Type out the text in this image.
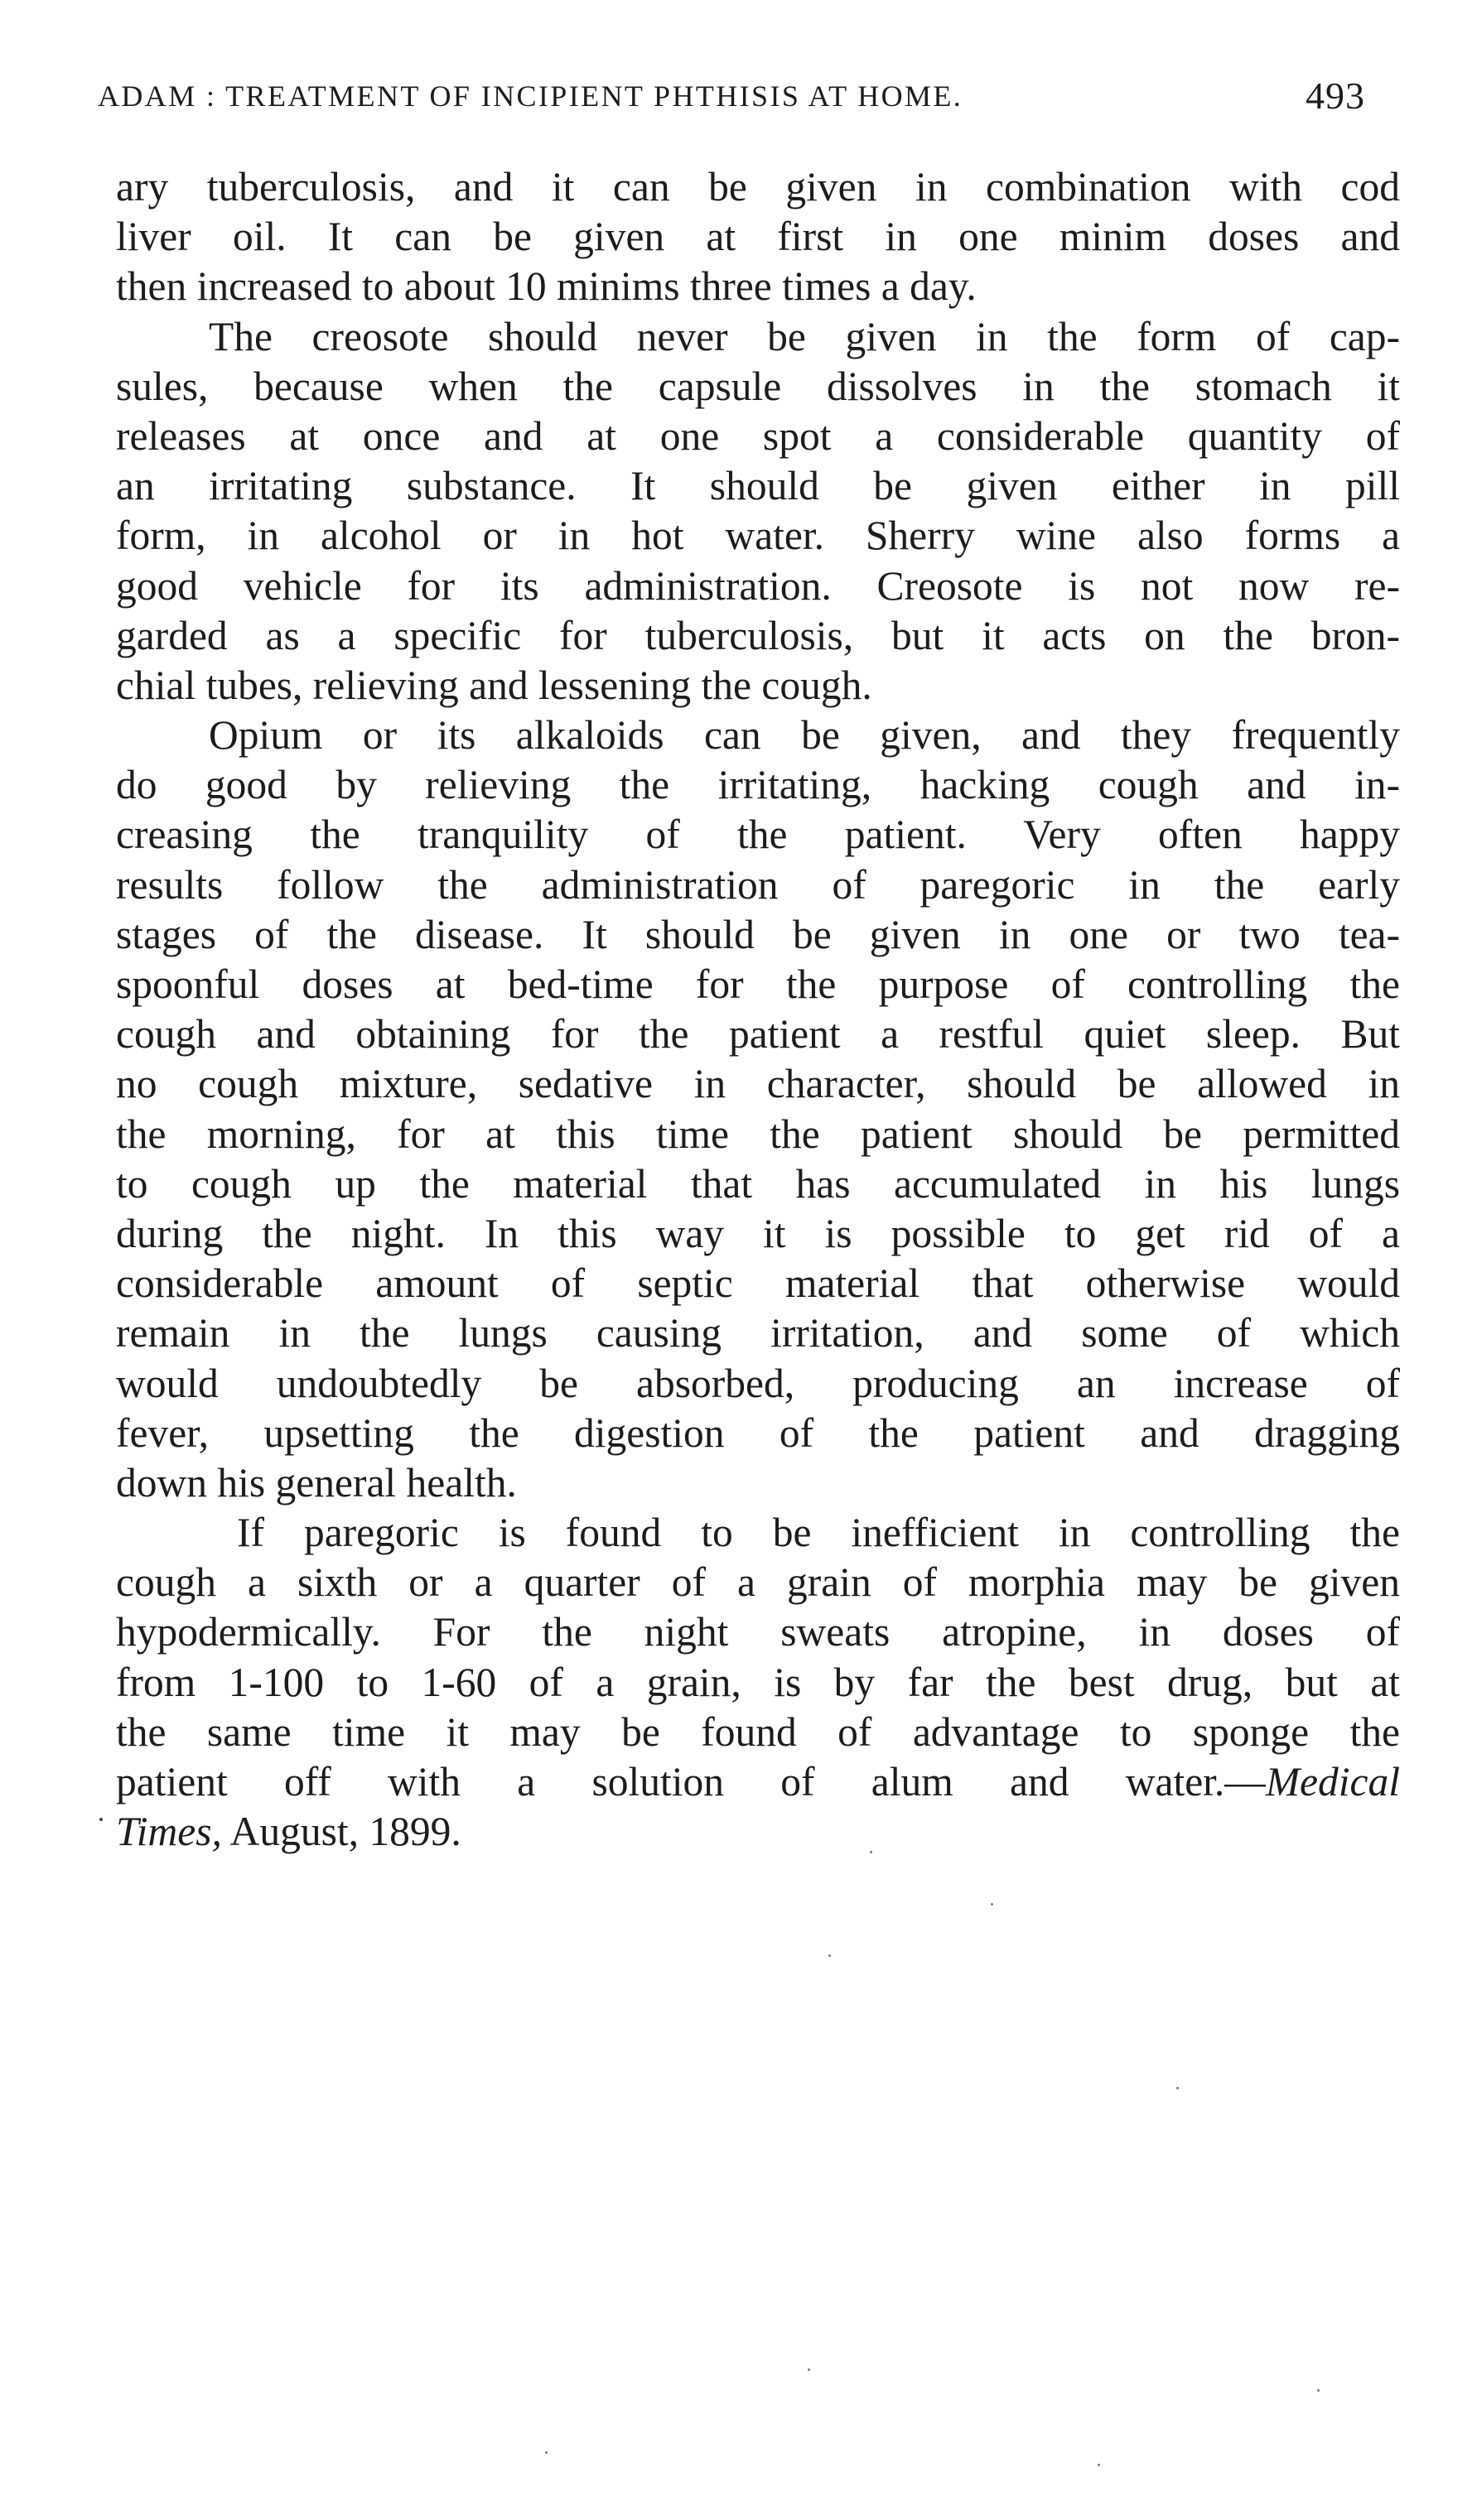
ADAM : TREATMENT OF INCIPIENT PHTHISIS AT HOME.	493
ary tuberculosis, and it can be given in combination with cod
liver oil. It can be given at first in one minim doses and
then increased to about 10 minims three times a day.
The creosote should never be given in the form of cap-
sules, because when the capsule dissolves in the stomach it
releases at once and at one spot a considerable quantity of
an irritating substance. It should be given either in pill
form, in alcohol or in hot water. Sherry wine also forms a
good vehicle for its administration. Creosote is not now re-
garded as a specific for tuberculosis, but it acts on the bron-
chial tubes, relieving and lessening the cough.
Opium or its alkaloids can be given, and they frequently
do good by relieving the irritating, hacking cough and in-
creasing the tranquility of the patient. Very often happy
results follow the administration of paregoric in the early
stages of the disease. It should be given in one or two tea-
spoonful doses at bed-time for the purpose of controlling the
cough and obtaining for the patient a restful quiet sleep. But
no cough mixture, sedative in character, should be allowed in
the morning, for at this time the patient should be permitted
to cough up the material that has accumulated in his lungs
during the night. In this way it is possible to get rid of a
considerable amount of septic material that otherwise would
remain in the lungs causing irritation, and some of which
would undoubtedly be absorbed, producing an increase of
fever, upsetting the digestion of the patient and dragging
down his general health.
If paregoric is found to be inefficient in controlling the
cough a sixth or a quarter of a grain of morphia may be given
hypodermically. For the night sweats atropine, in doses of
from 1-100 to 1-60 of a grain, is by far the best drug, but at
the same time it may be found of advantage to sponge the
patient off with a solution of alum and water.—Medical
Times, August, 1899.
